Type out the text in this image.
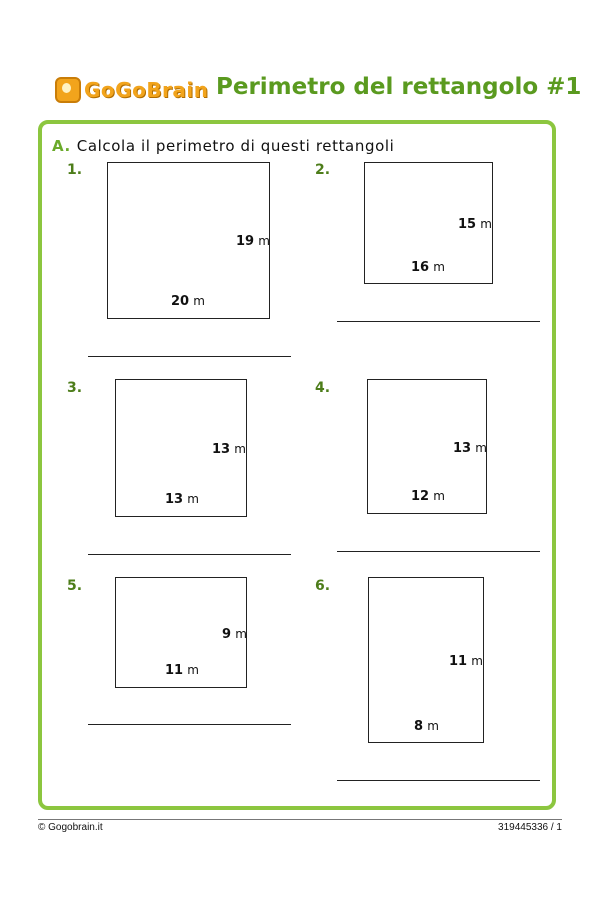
GoGoBrain Perimetro del rettangolo #1
A. Calcola il perimetro di questi rettangoli
1.
19 m
20 m
2.
15 m
16 m
3.
13 m
13 m
4.
13 m
12 m
5.
9 m
11 m
6.
11 m
8 m
© Gogobrain.it	319445336 / 1
